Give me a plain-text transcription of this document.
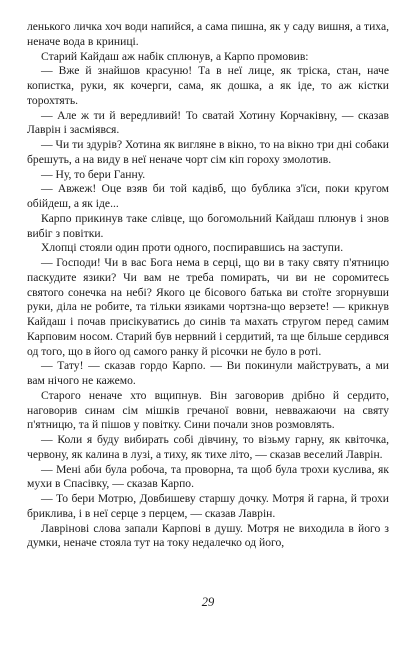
ленького личка хоч води напийся, а сама пишна, як у саду вишня, а тиха, неначе вода в криниці.

Старий Кайдаш аж набік сплюнув, а Карпо промовив:

— Вже й знайшов красуню! Та в неї лице, як тріска, стан, наче копистка, руки, як кочерги, сама, як дошка, а як іде, то аж кістки торохтять.

— Але ж ти й вередливий! То сватай Хотину Корчаківну, — сказав Лаврін і засміявся.

— Чи ти здурів? Хотина як вигляне в вікно, то на вікно три дні собаки брешуть, а на виду в неї неначе чорт сім кіп гороху змолотив.

— Ну, то бери Ганну.

— Авжеж! Оце взяв би той кадівб, що бублика з'їси, поки кругом обійдеш, а як іде...

Карпо прикинув таке слівце, що богомольний Кайдаш плюнув і знов вибіг з повітки.

Хлопці стояли один проти одного, поспиравшись на заступи.

— Господи! Чи в вас Бога нема в серці, що ви в таку святу п'ятницю паскудите язики? Чи вам не треба помирать, чи ви не соромитесь святого сонечка на небі? Якого це бісового батька ви стоїте згорнувши руки, діла не робите, та тільки язиками чортзна-що верзете! — крикнув Кайдаш і почав присікуватись до синів та махать стругом перед самим Карповим носом. Старий був нервний і сердитий, та ще більше сердився од того, що в його од самого ранку й рісочки не було в роті.

— Тату! — сказав гордо Карпо. — Ви покинули майструвать, а ми вам нічого не кажемо.

Старого неначе хто вщипнув. Він заговорив дрібно й сердито, наговорив синам сім мішків гречаної вовни, невважаючи на святу п'ятницю, та й пішов у повітку. Сини почали знов розмовлять.

— Коли я буду вибирать собі дівчину, то візьму гарну, як квіточка, червону, як калина в лузі, а тиху, як тихе літо, — сказав веселий Лаврін.

— Мені аби була робоча, та проворна, та щоб була трохи куслива, як мухи в Спасівку, — сказав Карпо.

— То бери Мотрю, Довбишеву старшу дочку. Мотря й гарна, й трохи бриклива, і в неї серце з перцем, — сказав Лаврін.

Лаврінові слова запали Карпові в душу. Мотря не виходила в його з думки, неначе стояла тут на току недалечко од його,

29
